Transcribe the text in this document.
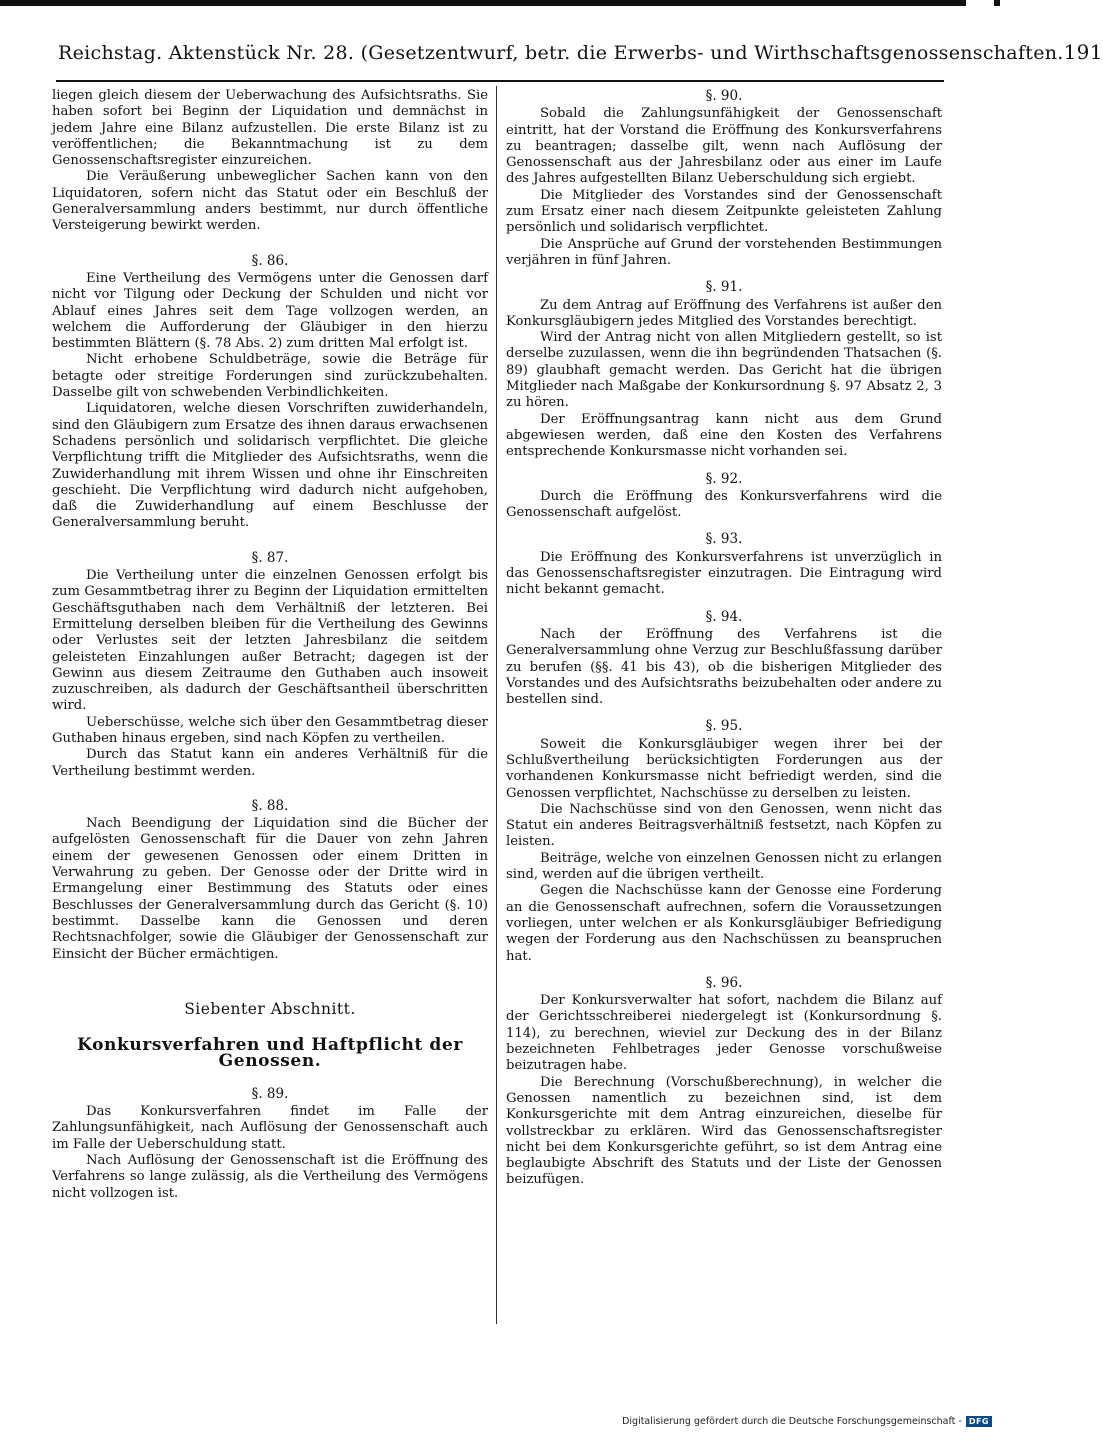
Reichstag. Aktenstück Nr. 28. (Gesetzentwurf, betr. die Erwerbs- und Wirthschaftsgenossenschaften. 191

liegen gleich diesem der Ueberwachung des Aufsichtsraths. Sie haben sofort bei Beginn der Liquidation und demnächst in jedem Jahre eine Bilanz aufzustellen. Die erste Bilanz ist zu veröffentlichen; die Bekanntmachung ist zu dem Genossenschaftsregister einzureichen.

Die Veräußerung unbeweglicher Sachen kann von den Liquidatoren, sofern nicht das Statut oder ein Beschluß der Generalversammlung anders bestimmt, nur durch öffentliche Versteigerung bewirkt werden.

§. 86.

Eine Vertheilung des Vermögens unter die Genossen darf nicht vor Tilgung oder Deckung der Schulden und nicht vor Ablauf eines Jahres seit dem Tage vollzogen werden, an welchem die Aufforderung der Gläubiger in den hierzu bestimmten Blättern (§. 78 Abs. 2) zum dritten Mal erfolgt ist.

Nicht erhobene Schuldbeträge, sowie die Beträge für betagte oder streitige Forderungen sind zurückzubehalten. Dasselbe gilt von schwebenden Verbindlichkeiten.

Liquidatoren, welche diesen Vorschriften zuwiderhandeln, sind den Gläubigern zum Ersatze des ihnen daraus erwachsenen Schadens persönlich und solidarisch verpflichtet. Die gleiche Verpflichtung trifft die Mitglieder des Aufsichtsraths, wenn die Zuwiderhandlung mit ihrem Wissen und ohne ihr Einschreiten geschieht. Die Verpflichtung wird dadurch nicht aufgehoben, daß die Zuwiderhandlung auf einem Beschlusse der Generalversammlung beruht.

§. 87.

Die Vertheilung unter die einzelnen Genossen erfolgt bis zum Gesammtbetrag ihrer zu Beginn der Liquidation ermittelten Geschäftsguthaben nach dem Verhältniß der letzteren. Bei Ermittelung derselben bleiben für die Vertheilung des Gewinns oder Verlustes seit der letzten Jahresbilanz die seitdem geleisteten Einzahlungen außer Betracht; dagegen ist der Gewinn aus diesem Zeitraume den Guthaben auch insoweit zuzuschreiben, als dadurch der Geschäftsantheil überschritten wird.

Ueberschüsse, welche sich über den Gesammtbetrag dieser Guthaben hinaus ergeben, sind nach Köpfen zu vertheilen.

Durch das Statut kann ein anderes Verhältniß für die Vertheilung bestimmt werden.

§. 88.

Nach Beendigung der Liquidation sind die Bücher der aufgelösten Genossenschaft für die Dauer von zehn Jahren einem der gewesenen Genossen oder einem Dritten in Verwahrung zu geben. Der Genosse oder der Dritte wird in Ermangelung einer Bestimmung des Statuts oder eines Beschlusses der Generalversammlung durch das Gericht (§. 10) bestimmt. Dasselbe kann die Genossen und deren Rechtsnachfolger, sowie die Gläubiger der Genossenschaft zur Einsicht der Bücher ermächtigen.

Siebenter Abschnitt.
Konkursverfahren und Haftpflicht der Genossen.
§. 89.

Das Konkursverfahren findet im Falle der Zahlungsunfähigkeit, nach Auflösung der Genossenschaft auch im Falle der Ueberschuldung statt.

Nach Auflösung der Genossenschaft ist die Eröffnung des Verfahrens so lange zulässig, als die Vertheilung des Vermögens nicht vollzogen ist.

§. 90.

Sobald die Zahlungsunfähigkeit der Genossenschaft eintritt, hat der Vorstand die Eröffnung des Konkursverfahrens zu beantragen; dasselbe gilt, wenn nach Auflösung der Genossenschaft aus der Jahresbilanz oder aus einer im Laufe des Jahres aufgestellten Bilanz Ueberschuldung sich ergiebt.

Die Mitglieder des Vorstandes sind der Genossenschaft zum Ersatz einer nach diesem Zeitpunkte geleisteten Zahlung persönlich und solidarisch verpflichtet.

Die Ansprüche auf Grund der vorstehenden Bestimmungen verjähren in fünf Jahren.

§. 91.

Zu dem Antrag auf Eröffnung des Verfahrens ist außer den Konkursgläubigern jedes Mitglied des Vorstandes berechtigt.

Wird der Antrag nicht von allen Mitgliedern gestellt, so ist derselbe zuzulassen, wenn die ihn begründenden Thatsachen (§. 89) glaubhaft gemacht werden. Das Gericht hat die übrigen Mitglieder nach Maßgabe der Konkursordnung §. 97 Absatz 2, 3 zu hören.

Der Eröffnungsantrag kann nicht aus dem Grund abgewiesen werden, daß eine den Kosten des Verfahrens entsprechende Konkursmasse nicht vorhanden sei.

§. 92.

Durch die Eröffnung des Konkursverfahrens wird die Genossenschaft aufgelöst.

§. 93.

Die Eröffnung des Konkursverfahrens ist unverzüglich in das Genossenschaftsregister einzutragen. Die Eintragung wird nicht bekannt gemacht.

§. 94.

Nach der Eröffnung des Verfahrens ist die Generalversammlung ohne Verzug zur Beschlußfassung darüber zu berufen (§§. 41 bis 43), ob die bisherigen Mitglieder des Vorstandes und des Aufsichtsraths beizubehalten oder andere zu bestellen sind.

§. 95.

Soweit die Konkursgläubiger wegen ihrer bei der Schlußvertheilung berücksichtigten Forderungen aus der vorhandenen Konkursmasse nicht befriedigt werden, sind die Genossen verpflichtet, Nachschüsse zu derselben zu leisten.

Die Nachschüsse sind von den Genossen, wenn nicht das Statut ein anderes Beitragsverhältniß festsetzt, nach Köpfen zu leisten.

Beiträge, welche von einzelnen Genossen nicht zu erlangen sind, werden auf die übrigen vertheilt.

Gegen die Nachschüsse kann der Genosse eine Forderung an die Genossenschaft aufrechnen, sofern die Voraussetzungen vorliegen, unter welchen er als Konkursgläubiger Befriedigung wegen der Forderung aus den Nachschüssen zu beanspruchen hat.

§. 96.

Der Konkursverwalter hat sofort, nachdem die Bilanz auf der Gerichtsschreiberei niedergelegt ist (Konkursordnung §. 114), zu berechnen, wieviel zur Deckung des in der Bilanz bezeichneten Fehlbetrages jeder Genosse vorschußweise beizutragen habe.

Die Berechnung (Vorschußberechnung), in welcher die Genossen namentlich zu bezeichnen sind, ist dem Konkursgerichte mit dem Antrag einzureichen, dieselbe für vollstreckbar zu erklären. Wird das Genossenschaftsregister nicht bei dem Konkursgerichte geführt, so ist dem Antrag eine beglaubigte Abschrift des Statuts und der Liste der Genossen beizufügen.

Digitalisierung gefördert durch die Deutsche Forschungsgemeinschaft - DFG
